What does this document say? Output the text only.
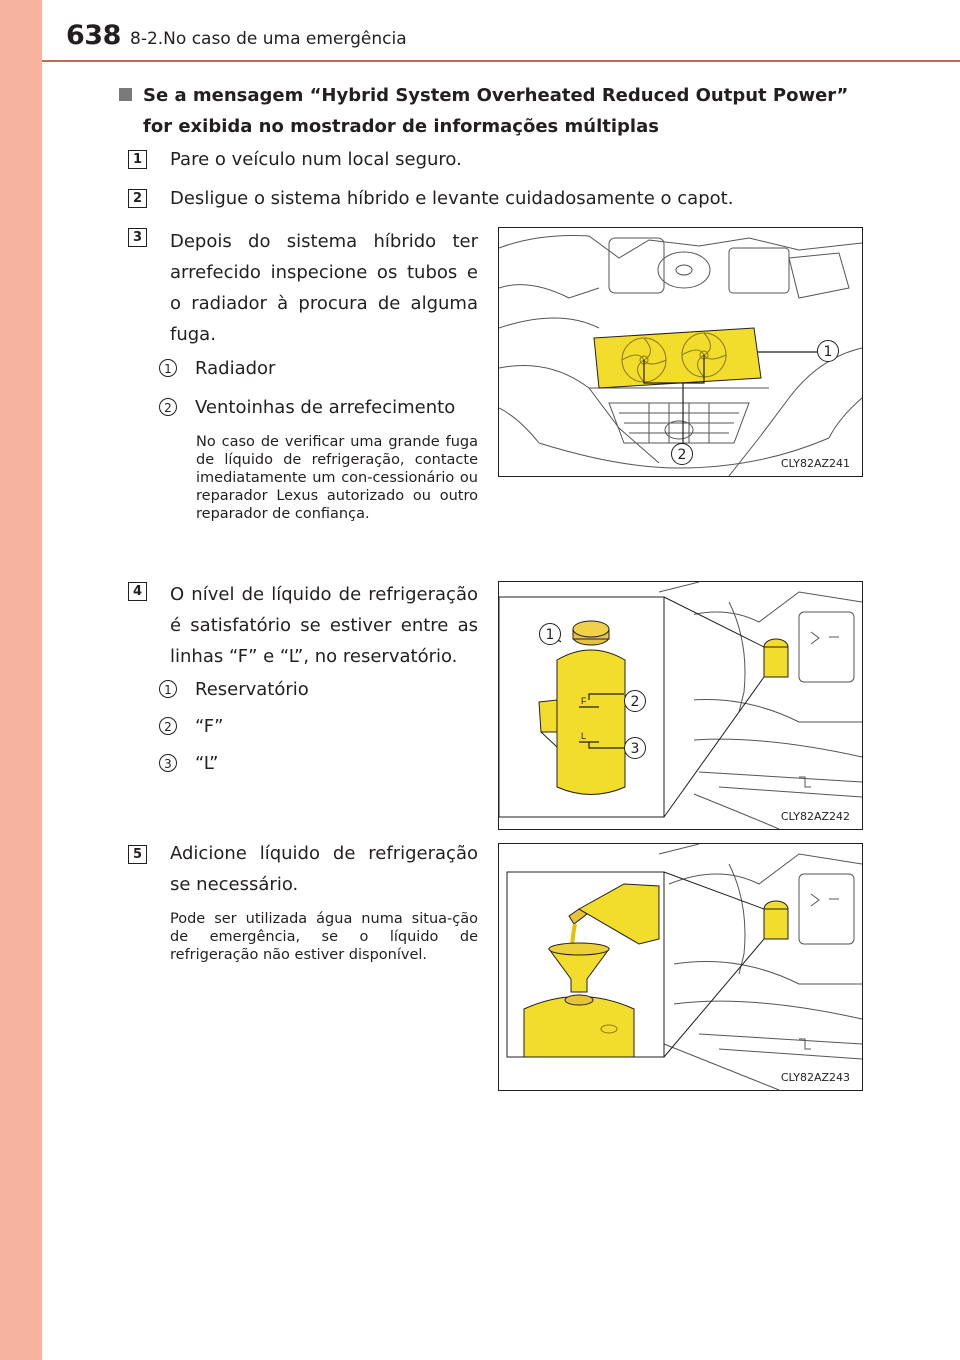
638 8-2.No caso de uma emergência
Se a mensagem “Hybrid System Overheated Reduced Output Power” for exibida no mostrador de informações múltiplas
1 Pare o veículo num local seguro.
2 Desligue o sistema híbrido e levante cuidadosamente o capot.
3 Depois do sistema híbrido ter arrefecido inspecione os tubos e o radiador à procura de alguma fuga.
1 Radiador
2 Ventoinhas de arrefecimento
No caso de verificar uma grande fuga de líquido de refrigeração, contacte imediatamente um con-cessionário ou reparador Lexus autorizado ou outro reparador de confiança.
1
2
CLY82AZ241
4 O nível de líquido de refrigeração é satisfatório se estiver entre as linhas “F” e “L”, no reservatório.
1 Reservatório
2 “F”
3 “L”
F
L
1
2
3
CLY82AZ242
5 Adicione líquido de refrigeração se necessário.
Pode ser utilizada água numa situa-ção de emergência, se o líquido de refrigeração não estiver disponível.
CLY82AZ243
